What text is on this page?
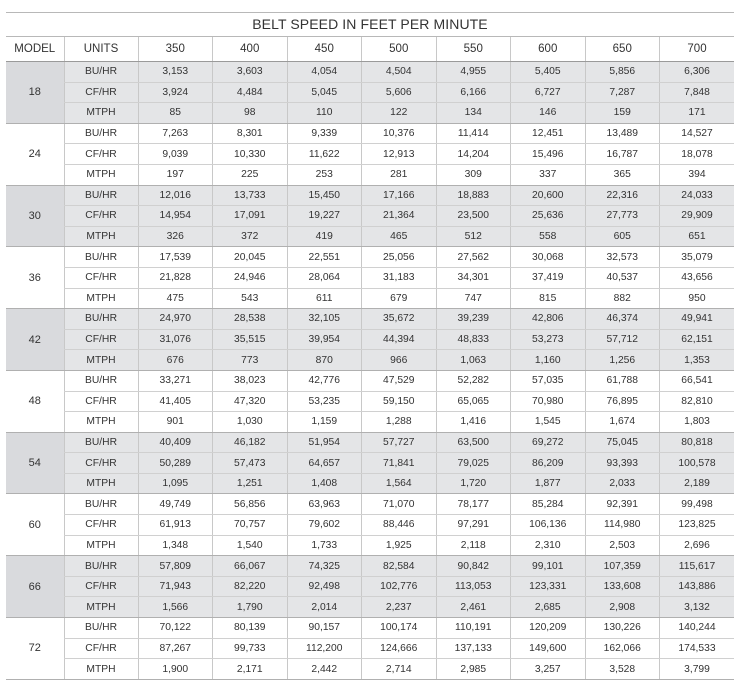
BELT SPEED IN FEET PER MINUTE
MODEL	UNITS	350	400	450	500	550	600	650	700
18	BU/HR	3,153	3,603	4,054	4,504	4,955	5,405	5,856	6,306
	CF/HR	3,924	4,484	5,045	5,606	6,166	6,727	7,287	7,848
	MTPH	85	98	110	122	134	146	159	171
24	BU/HR	7,263	8,301	9,339	10,376	11,414	12,451	13,489	14,527
	CF/HR	9,039	10,330	11,622	12,913	14,204	15,496	16,787	18,078
	MTPH	197	225	253	281	309	337	365	394
30	BU/HR	12,016	13,733	15,450	17,166	18,883	20,600	22,316	24,033
	CF/HR	14,954	17,091	19,227	21,364	23,500	25,636	27,773	29,909
	MTPH	326	372	419	465	512	558	605	651
36	BU/HR	17,539	20,045	22,551	25,056	27,562	30,068	32,573	35,079
	CF/HR	21,828	24,946	28,064	31,183	34,301	37,419	40,537	43,656
	MTPH	475	543	611	679	747	815	882	950
42	BU/HR	24,970	28,538	32,105	35,672	39,239	42,806	46,374	49,941
	CF/HR	31,076	35,515	39,954	44,394	48,833	53,273	57,712	62,151
	MTPH	676	773	870	966	1,063	1,160	1,256	1,353
48	BU/HR	33,271	38,023	42,776	47,529	52,282	57,035	61,788	66,541
	CF/HR	41,405	47,320	53,235	59,150	65,065	70,980	76,895	82,810
	MTPH	901	1,030	1,159	1,288	1,416	1,545	1,674	1,803
54	BU/HR	40,409	46,182	51,954	57,727	63,500	69,272	75,045	80,818
	CF/HR	50,289	57,473	64,657	71,841	79,025	86,209	93,393	100,578
	MTPH	1,095	1,251	1,408	1,564	1,720	1,877	2,033	2,189
60	BU/HR	49,749	56,856	63,963	71,070	78,177	85,284	92,391	99,498
	CF/HR	61,913	70,757	79,602	88,446	97,291	106,136	114,980	123,825
	MTPH	1,348	1,540	1,733	1,925	2,118	2,310	2,503	2,696
66	BU/HR	57,809	66,067	74,325	82,584	90,842	99,101	107,359	115,617
	CF/HR	71,943	82,220	92,498	102,776	113,053	123,331	133,608	143,886
	MTPH	1,566	1,790	2,014	2,237	2,461	2,685	2,908	3,132
72	BU/HR	70,122	80,139	90,157	100,174	110,191	120,209	130,226	140,244
	CF/HR	87,267	99,733	112,200	124,666	137,133	149,600	162,066	174,533
	MTPH	1,900	2,171	2,442	2,714	2,985	3,257	3,528	3,799
